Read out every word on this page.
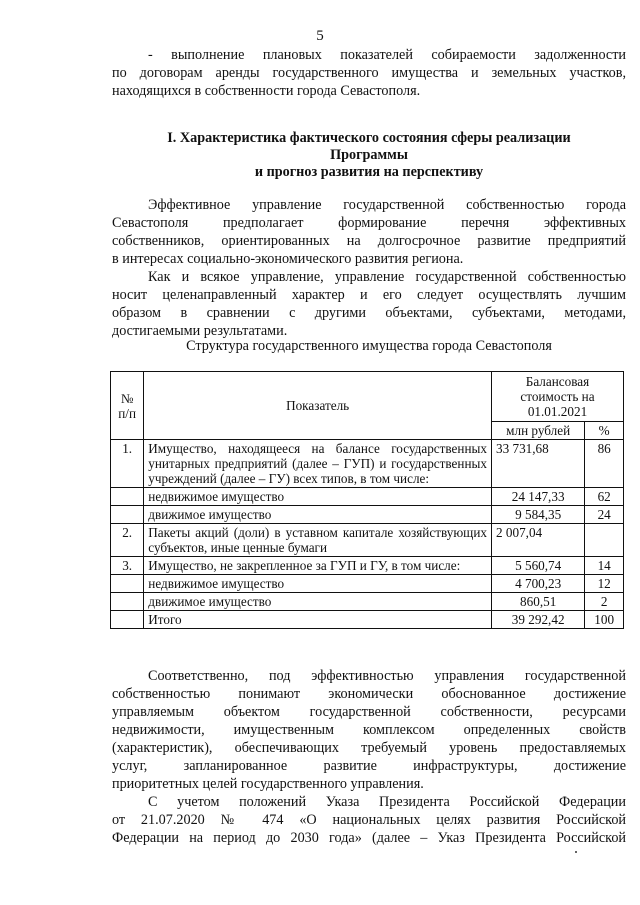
5
- выполнение плановых показателей собираемости задолженности
по договорам аренды государственного имущества и земельных участков,
находящихся в собственности города Севастополя.
I. Характеристика фактического состояния сферы реализации
Программы
и прогноз развития на перспективу
Эффективное управление государственной собственностью города
Севастополя предполагает формирование перечня эффективных
собственников, ориентированных на долгосрочное развитие предприятий
в интересах социально-экономического развития региона.
Как и всякое управление, управление государственной собственностью
носит целенаправленный характер и его следует осуществлять лучшим
образом в сравнении с другими объектами, субъектами, методами,
достигаемыми результатами.
Структура государственного имущества города Севастополя
№ п/п	Показатель	Балансовая стоимость на 01.01.2021	
		млн рублей	%
1.	Имущество, находящееся на балансе государственных унитарных предприятий (далее – ГУП) и государственных учреждений (далее – ГУ) всех типов, в том числе:	33 731,68	86
	недвижимое имущество	24 147,33	62
	движимое имущество	9 584,35	24
2.	Пакеты акций (доли) в уставном капитале хозяйствующих субъектов, иные ценные бумаги	2 007,04	
3.	Имущество, не закрепленное за ГУП и ГУ, в том числе:	5 560,74	14
	недвижимое имущество	4 700,23	12
	движимое имущество	860,51	2
	Итого	39 292,42	100
Соответственно, под эффективностью управления государственной
собственностью понимают экономически обоснованное достижение
управляемым объектом государственной собственности, ресурсами
недвижимости, имущественным комплексом определенных свойств
(характеристик), обеспечивающих требуемый уровень предоставляемых
услуг, запланированное развитие инфраструктуры, достижение
приоритетных целей государственного управления.
С учетом положений Указа Президента Российской Федерации
от 21.07.2020 № 474 «О национальных целях развития Российской
Федерации на период до 2030 года» (далее – Указ Президента Российской
